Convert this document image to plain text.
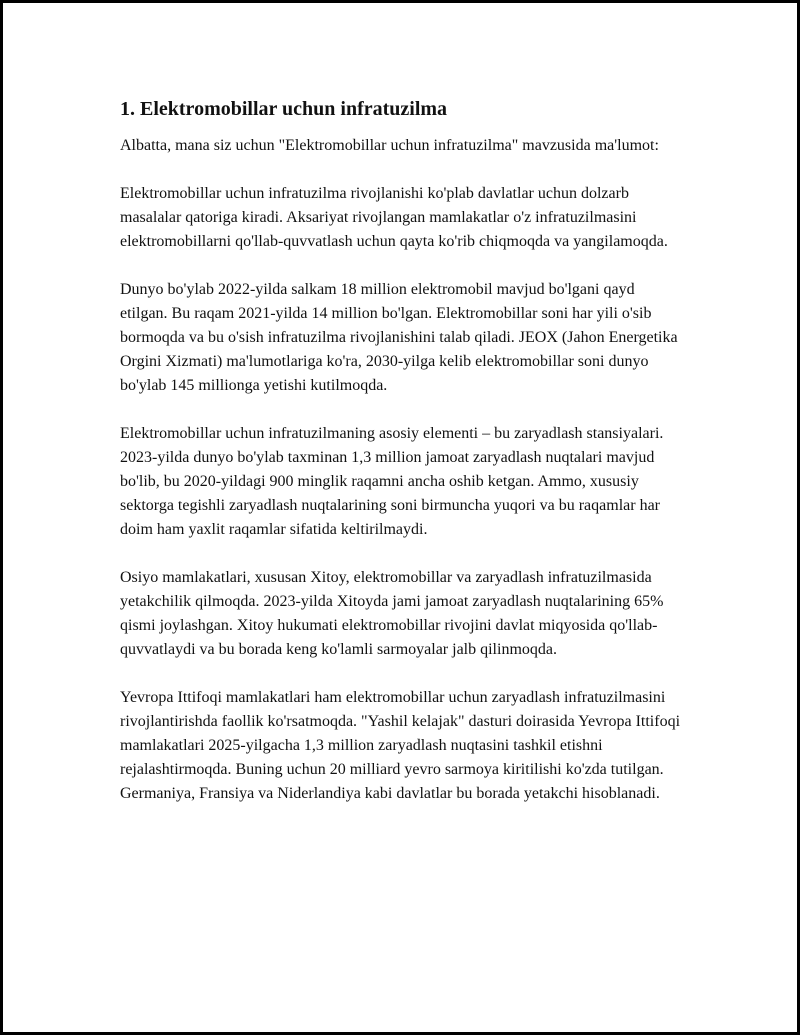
1. Elektromobillar uchun infratuzilma

Albatta, mana siz uchun "Elektromobillar uchun infratuzilma" mavzusida ma'lumot:

Elektromobillar uchun infratuzilma rivojlanishi ko'plab davlatlar uchun dolzarb masalalar qatoriga kiradi. Aksariyat rivojlangan mamlakatlar o'z infratuzilmasini elektromobillarni qo'llab-quvvatlash uchun qayta ko'rib chiqmoqda va yangilamoqda.

Dunyo bo'ylab 2022-yilda salkam 18 million elektromobil mavjud bo'lgani qayd etilgan. Bu raqam 2021-yilda 14 million bo'lgan. Elektromobillar soni har yili o'sib bormoqda va bu o'sish infratuzilma rivojlanishini talab qiladi. JEOX (Jahon Energetika Orgini Xizmati) ma'lumotlariga ko'ra, 2030-yilga kelib elektromobillar soni dunyo bo'ylab 145 millionga yetishi kutilmoqda.

Elektromobillar uchun infratuzilmaning asosiy elementi – bu zaryadlash stansiyalari. 2023-yilda dunyo bo'ylab taxminan 1,3 million jamoat zaryadlash nuqtalari mavjud bo'lib, bu 2020-yildagi 900 minglik raqamni ancha oshib ketgan. Ammo, xususiy sektorga tegishli zaryadlash nuqtalarining soni birmuncha yuqori va bu raqamlar har doim ham yaxlit raqamlar sifatida keltirilmaydi.

Osiyo mamlakatlari, xususan Xitoy, elektromobillar va zaryadlash infratuzilmasida yetakchilik qilmoqda. 2023-yilda Xitoyda jami jamoat zaryadlash nuqtalarining 65% qismi joylashgan. Xitoy hukumati elektromobillar rivojini davlat miqyosida qo'llab-quvvatlaydi va bu borada keng ko'lamli sarmoyalar jalb qilinmoqda.

Yevropa Ittifoqi mamlakatlari ham elektromobillar uchun zaryadlash infratuzilmasini rivojlantirishda faollik ko'rsatmoqda. "Yashil kelajak" dasturi doirasida Yevropa Ittifoqi mamlakatlari 2025-yilgacha 1,3 million zaryadlash nuqtasini tashkil etishni rejalashtirmoqda. Buning uchun 20 milliard yevro sarmoya kiritilishi ko'zda tutilgan. Germaniya, Fransiya va Niderlandiya kabi davlatlar bu borada yetakchi hisoblanadi.
